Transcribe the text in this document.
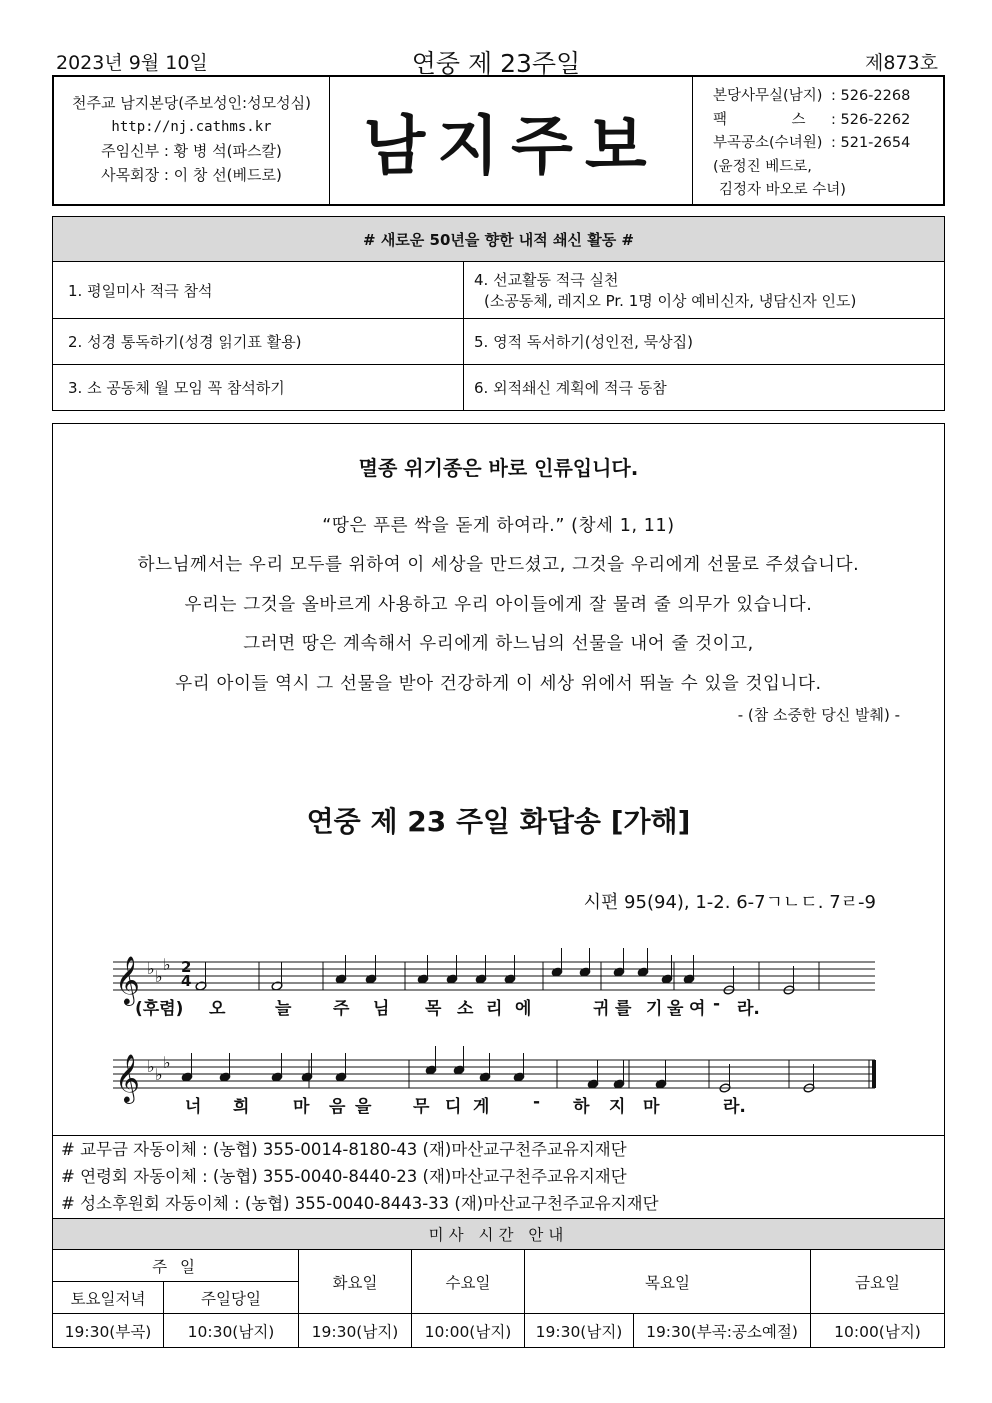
2023년 9월 10일	연중 제 23주일	제873호
천주교 남지본당(주보성인:성모성심)
http://nj.cathms.kr
주임신부 : 황 병 석(파스칼)
사목회장 : 이 창 선(베드로)	남지주보
본당사무실(남지) : 526-2268
팩              스	: 526-2262
부곡공소(수녀원) : 521-2654
(윤정진 베드로,
김정자 바오로 수녀)
# 새로운 50년을 향한 내적 쇄신 활동 #	
1. 평일미사 적극 참석	4. 선교활동 적극 실천
(소공동체, 레지오 Pr. 1명 이상 예비신자, 냉담신자 인도)

2. 성경 통독하기(성경 읽기표 활용)	5. 영적 독서하기(성인전, 묵상집)
3. 소 공동체 월 모임 꼭 참석하기	6. 외적쇄신 계획에 적극 동참
멸종 위기종은 바로 인류입니다.
“땅은 푸른 싹을 돋게 하여라.” (창세 1, 11)
하느님께서는 우리 모두를 위하여 이 세상을 만드셨고, 그것을 우리에게 선물로 주셨습니다.
우리는 그것을 올바르게 사용하고 우리 아이들에게 잘 물려 줄 의무가 있습니다.
그러면 땅은 계속해서 우리에게 하느님의 선물을 내어 줄 것이고,
우리 아이들 역시 그 선물을 받아 건강하게 이 세상 위에서 뛰놀 수 있을 것입니다.
- (참 소중한 당신 발췌) -
연중 제 23 주일 화답송 [가해]
시편 95(94), 1-2. 6-7ㄱㄴㄷ. 7ㄹ-9
2
4
𝄞 ♭ ♭
♭
𝄞 ♭ ♭
♭
(후렴) 오	늘 주 님 목 소 리 에	귀 를 기 울 여 - 라.
너 희	마 음 을 무 디 게	- 하 지 마	라.
# 교무금 자동이체 : (농협) 355-0014-8180-43 (재)마산교구천주교유지재단
# 연령회 자동이체 : (농협) 355-0040-8440-23 (재)마산교구천주교유지재단
# 성소후원회 자동이체 : (농협) 355-0040-8443-33 (재)마산교구천주교유지재단
미사 시간 안내						
주 일		화요일	수요일	목요일		금요일
토요일저녁	주일당일					
19:30(부곡)	10:30(남지)	19:30(남지)	10:00(남지)	19:30(남지)	19:30(부곡:공소예절)	10:00(남지)
